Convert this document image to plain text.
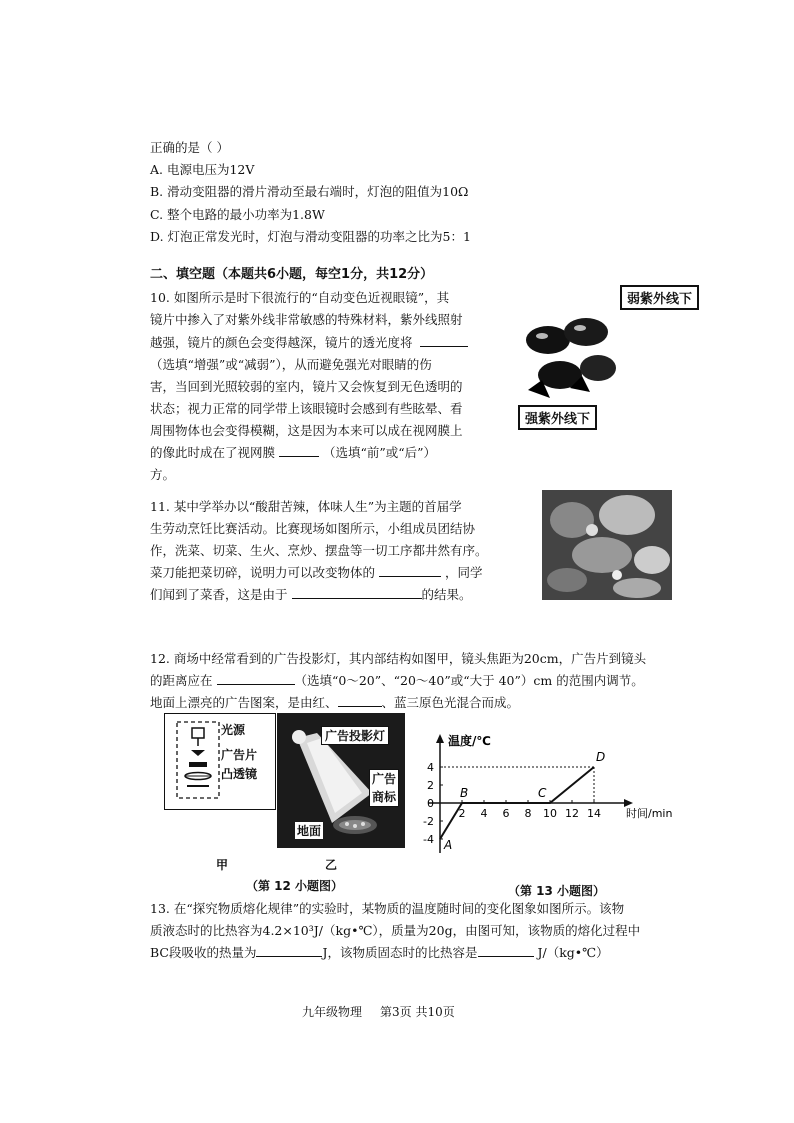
正确的是（ ）
A. 电源电压为12V
B. 滑动变阻器的滑片滑动至最右端时，灯泡的阻值为10Ω
C. 整个电路的最小功率为1.8W
D. 灯泡正常发光时，灯泡与滑动变阻器的功率之比为5：1
二、填空题（本题共6小题，每空1分，共12分）
10. 如图所示是时下很流行的“自动变色近视眼镜”，其
镜片中掺入了对紫外线非常敏感的特殊材料，紫外线照射
越强，镜片的颜色会变得越深，镜片的透光度将
（选填“增强”或“减弱”），从而避免强光对眼睛的伤
害，当回到光照较弱的室内，镜片又会恢复到无色透明的
状态；视力正常的同学带上该眼镜时会感到有些眩晕、看
周围物体也会变得模糊，这是因为本来可以成在视网膜上
的像此时成在了视网膜	（选填“前”或“后”）
方。
弱紫外线下
强紫外线下
11. 某中学举办以“酸甜苦辣，体味人生”为主题的首届学
生劳动烹饪比赛活动。比赛现场如图所示，小组成员团结协
作，洗菜、切菜、生火、烹炒、摆盘等一切工序都井然有序。
菜刀能把菜切碎，说明力可以改变物体的	，同学
们闻到了菜香，这是由于	的结果。
12. 商场中经常看到的广告投影灯，其内部结构如图甲，镜头焦距为20cm，广告片到镜头
的距离应在	（选填“0～20”、“20～40”或“大于 40”）cm 的范围内调节。
地面上漂亮的广告图案，是由红、	、蓝三原色光混合而成。
光源
广告片
凸透镜
广告投影灯
广告
商标
地面
甲	乙
（第 12 小题图）
温度/℃
时间/min
4
2
0
-2
-4
2 4 6 8 10 12 14
A
B	C
D
（第 13 小题图）
13. 在“探究物质熔化规律”的实验时，某物质的温度随时间的变化图象如图所示。该物
质液态时的比热容为4.2×10³J/（kg•℃），质量为20g，由图可知，该物质的熔化过程中
BC段吸收的热量为	J，该物质固态时的比热容是	J/（kg•℃）
九年级物理 第3页 共10页
